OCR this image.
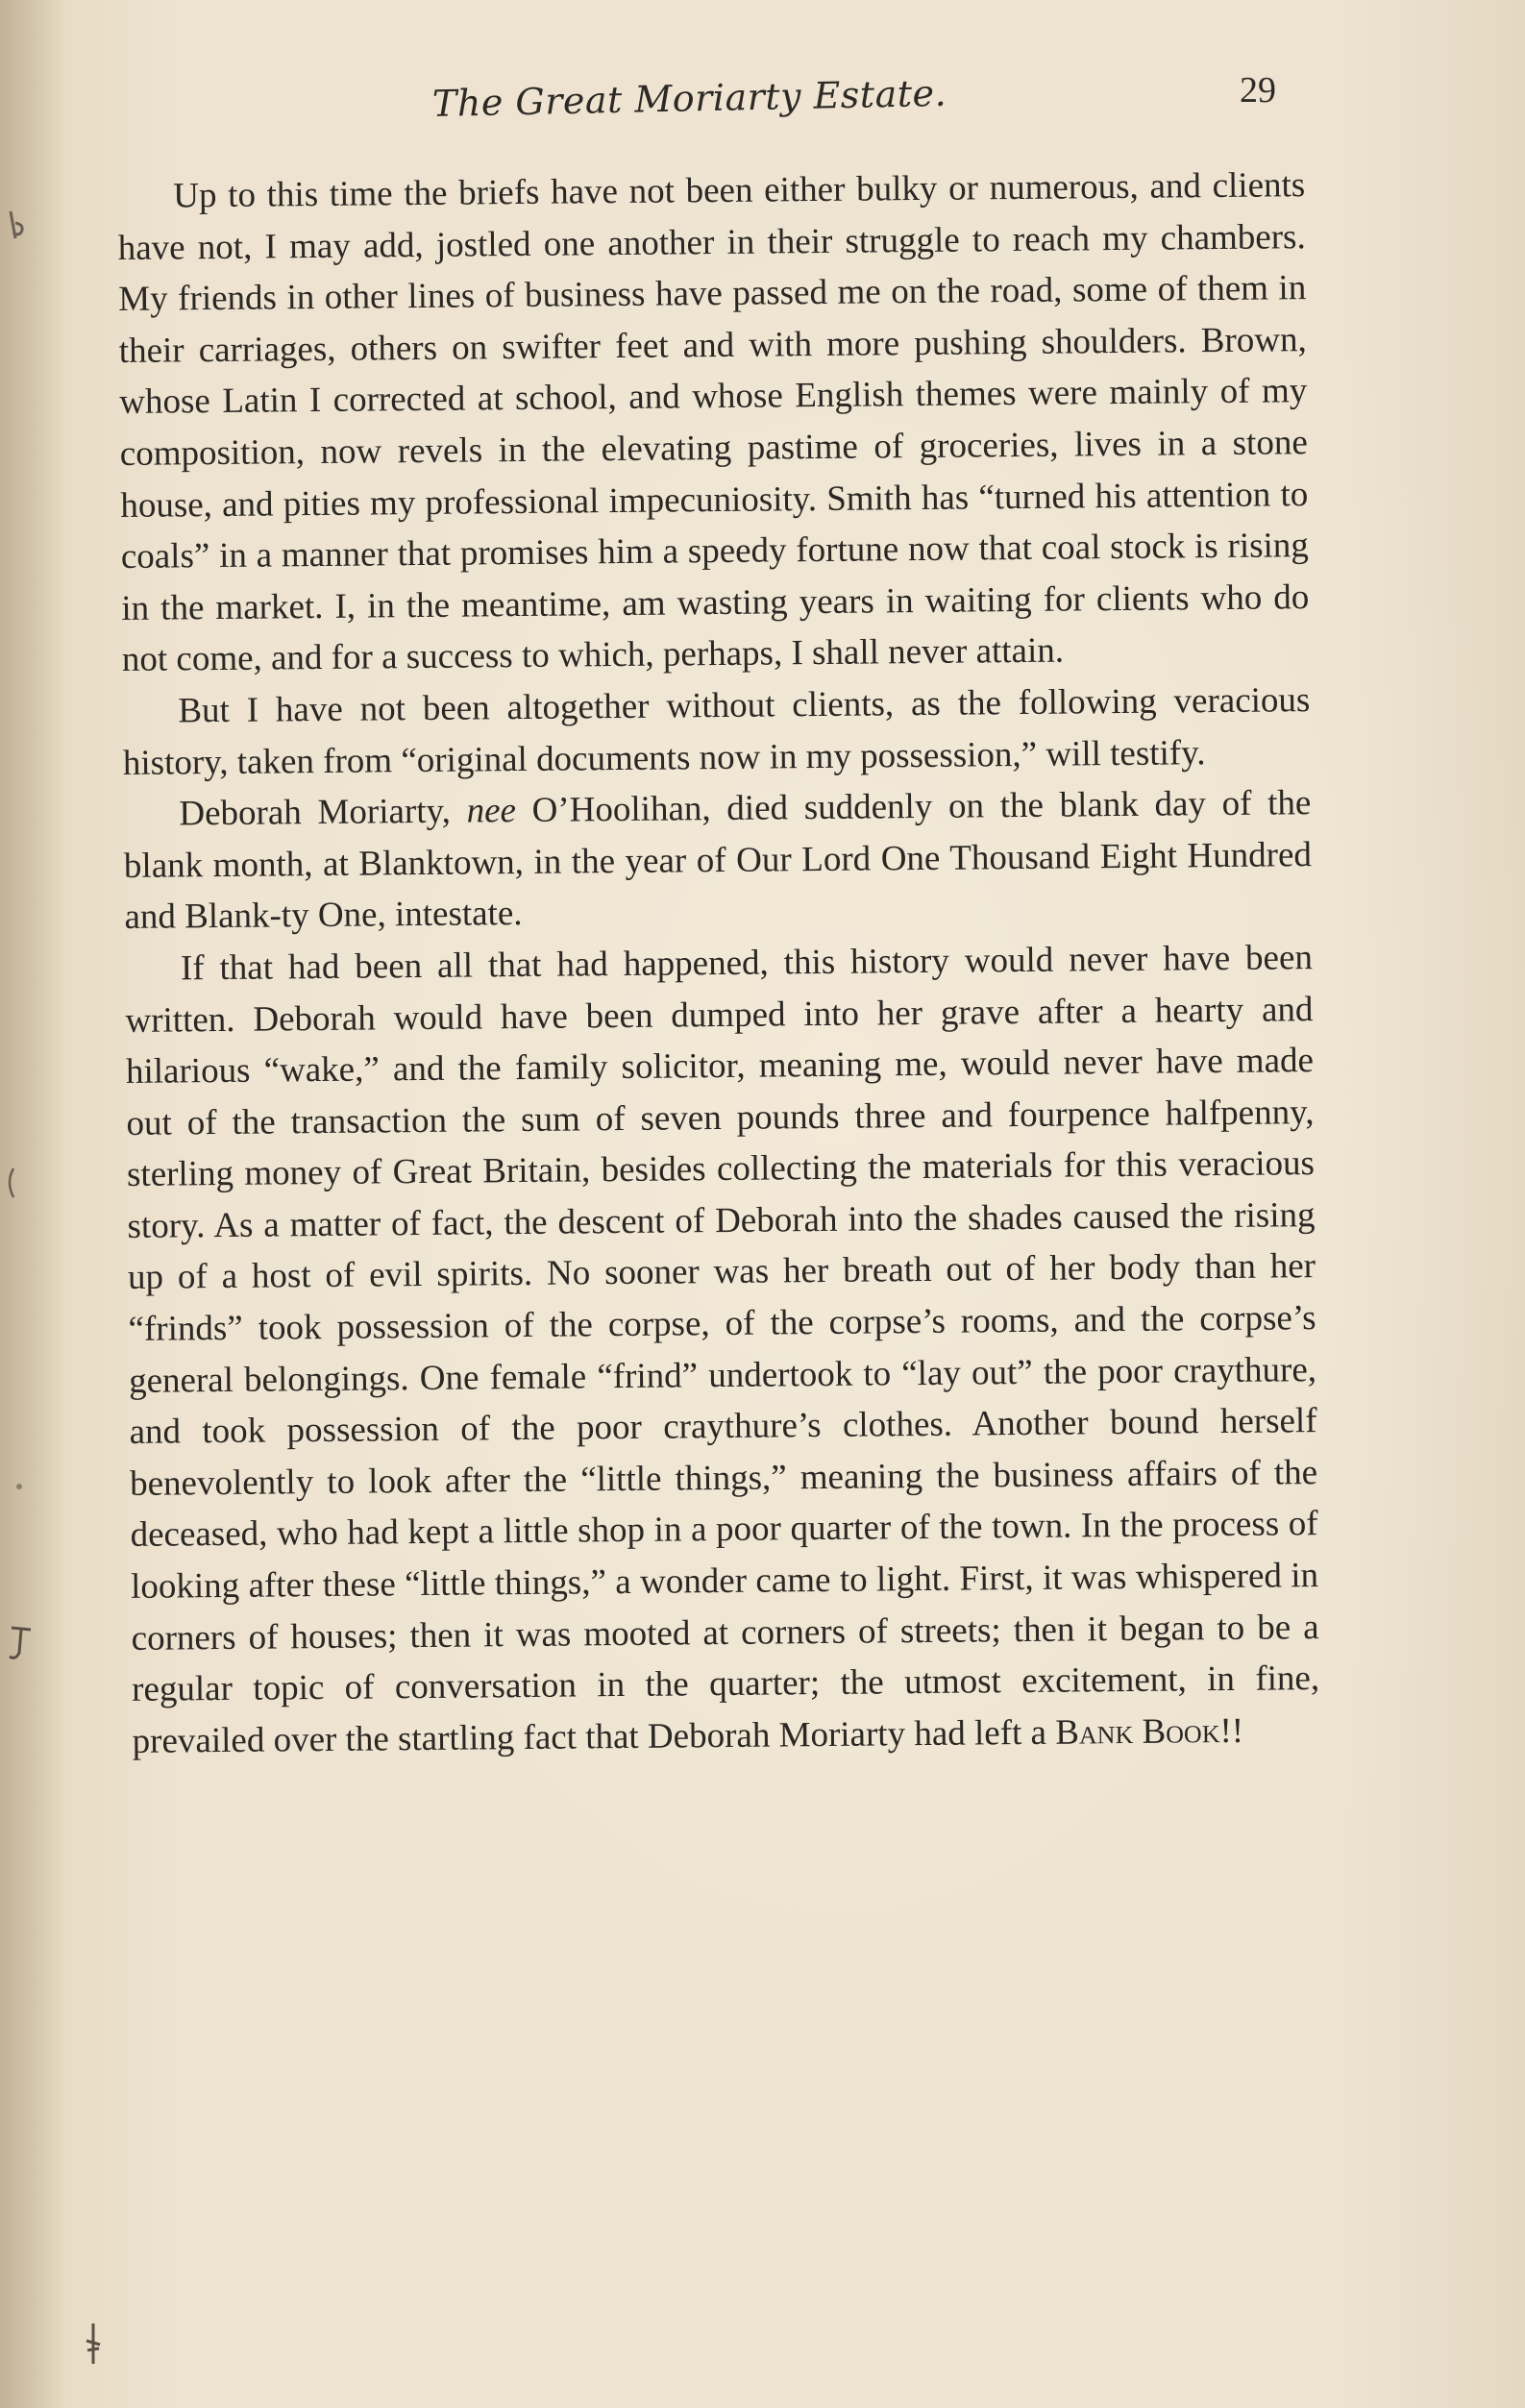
The Great Moriarty Estate.	29

Up to this time the briefs have not been either bulky or numerous, and clients have not, I may add, jostled one another in their struggle to reach my chambers. My friends in other lines of business have passed me on the road, some of them in their carriages, others on swifter feet and with more pushing shoulders. Brown, whose Latin I corrected at school, and whose English themes were mainly of my composition, now revels in the elevating pastime of groceries, lives in a stone house, and pities my professional impecuniosity. Smith has “turned his attention to coals” in a manner that promises him a speedy fortune now that coal stock is rising in the market. I, in the meantime, am wasting years in waiting for clients who do not come, and for a success to which, perhaps, I shall never attain.

But I have not been altogether without clients, as the following veracious history, taken from “original documents now in my possession,” will testify.

Deborah Moriarty, nee O’Hoolihan, died suddenly on the blank day of the blank month, at Blanktown, in the year of Our Lord One Thousand Eight Hundred and Blank-ty One, intestate.

If that had been all that had happened, this history would never have been written. Deborah would have been dumped into her grave after a hearty and hilarious “wake,” and the family solicitor, meaning me, would never have made out of the transaction the sum of seven pounds three and fourpence halfpenny, sterling money of Great Britain, besides collecting the materials for this veracious story. As a matter of fact, the descent of Deborah into the shades caused the rising up of a host of evil spirits. No sooner was her breath out of her body than her “frinds” took possession of the corpse, of the corpse’s rooms, and the corpse’s general belongings. One female “frind” undertook to “lay out” the poor craythure, and took possession of the poor craythure’s clothes. Another bound herself benevolently to look after the “little things,” meaning the business affairs of the deceased, who had kept a little shop in a poor quarter of the town. In the process of looking after these “little things,” a wonder came to light. First, it was whispered in corners of houses; then it was mooted at corners of streets; then it began to be a regular topic of conversation in the quarter; the utmost excitement, in fine, prevailed over the startling fact that Deborah Moriarty had left a Bank Book!!
